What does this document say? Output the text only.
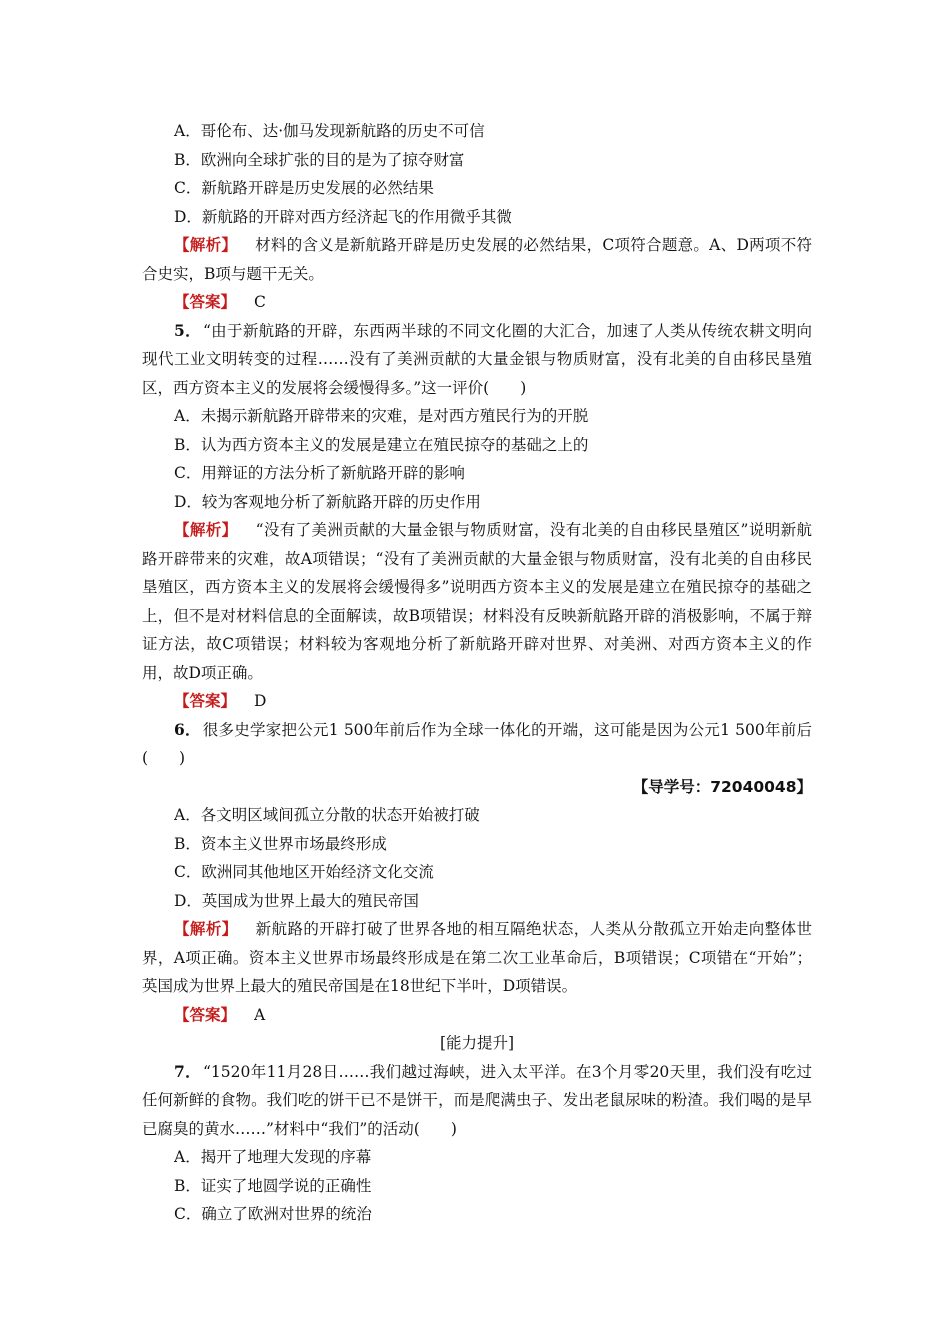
A．哥伦布、达·伽马发现新航路的历史不可信
B．欧洲向全球扩张的目的是为了掠夺财富
C．新航路开辟是历史发展的必然结果
D．新航路的开辟对西方经济起飞的作用微乎其微
【解析】 材料的含义是新航路开辟是历史发展的必然结果，C项符合题意。A、D两项不符合史实，B项与题干无关。
【答案】 C
5． “由于新航路的开辟，东西两半球的不同文化圈的大汇合，加速了人类从传统农耕文明向现代工业文明转变的过程……没有了美洲贡献的大量金银与物质财富，没有北美的自由移民垦殖区，西方资本主义的发展将会缓慢得多。”这一评价(　　)
A．未揭示新航路开辟带来的灾难，是对西方殖民行为的开脱
B．认为西方资本主义的发展是建立在殖民掠夺的基础之上的
C．用辩证的方法分析了新航路开辟的影响
D．较为客观地分析了新航路开辟的历史作用
【解析】 “没有了美洲贡献的大量金银与物质财富，没有北美的自由移民垦殖区”说明新航路开辟带来的灾难，故A项错误；“没有了美洲贡献的大量金银与物质财富，没有北美的自由移民垦殖区，西方资本主义的发展将会缓慢得多”说明西方资本主义的发展是建立在殖民掠夺的基础之上，但不是对材料信息的全面解读，故B项错误；材料没有反映新航路开辟的消极影响，不属于辩证方法，故C项错误；材料较为客观地分析了新航路开辟对世界、对美洲、对西方资本主义的作用，故D项正确。
【答案】 D
6． 很多史学家把公元1 500年前后作为全球一体化的开端，这可能是因为公元1 500年前后(　　)
【导学号：72040048】
A．各文明区域间孤立分散的状态开始被打破
B．资本主义世界市场最终形成
C．欧洲同其他地区开始经济文化交流
D．英国成为世界上最大的殖民帝国
【解析】 新航路的开辟打破了世界各地的相互隔绝状态，人类从分散孤立开始走向整体世界，A项正确。资本主义世界市场最终形成是在第二次工业革命后，B项错误；C项错在“开始”；英国成为世界上最大的殖民帝国是在18世纪下半叶，D项错误。
【答案】 A
[能力提升]
7． “1520年11月28日……我们越过海峡，进入太平洋。在3个月零20天里，我们没有吃过任何新鲜的食物。我们吃的饼干已不是饼干，而是爬满虫子、发出老鼠尿味的粉渣。我们喝的是早已腐臭的黄水……”材料中“我们”的活动(　　)
A．揭开了地理大发现的序幕
B．证实了地圆学说的正确性
C．确立了欧洲对世界的统治
